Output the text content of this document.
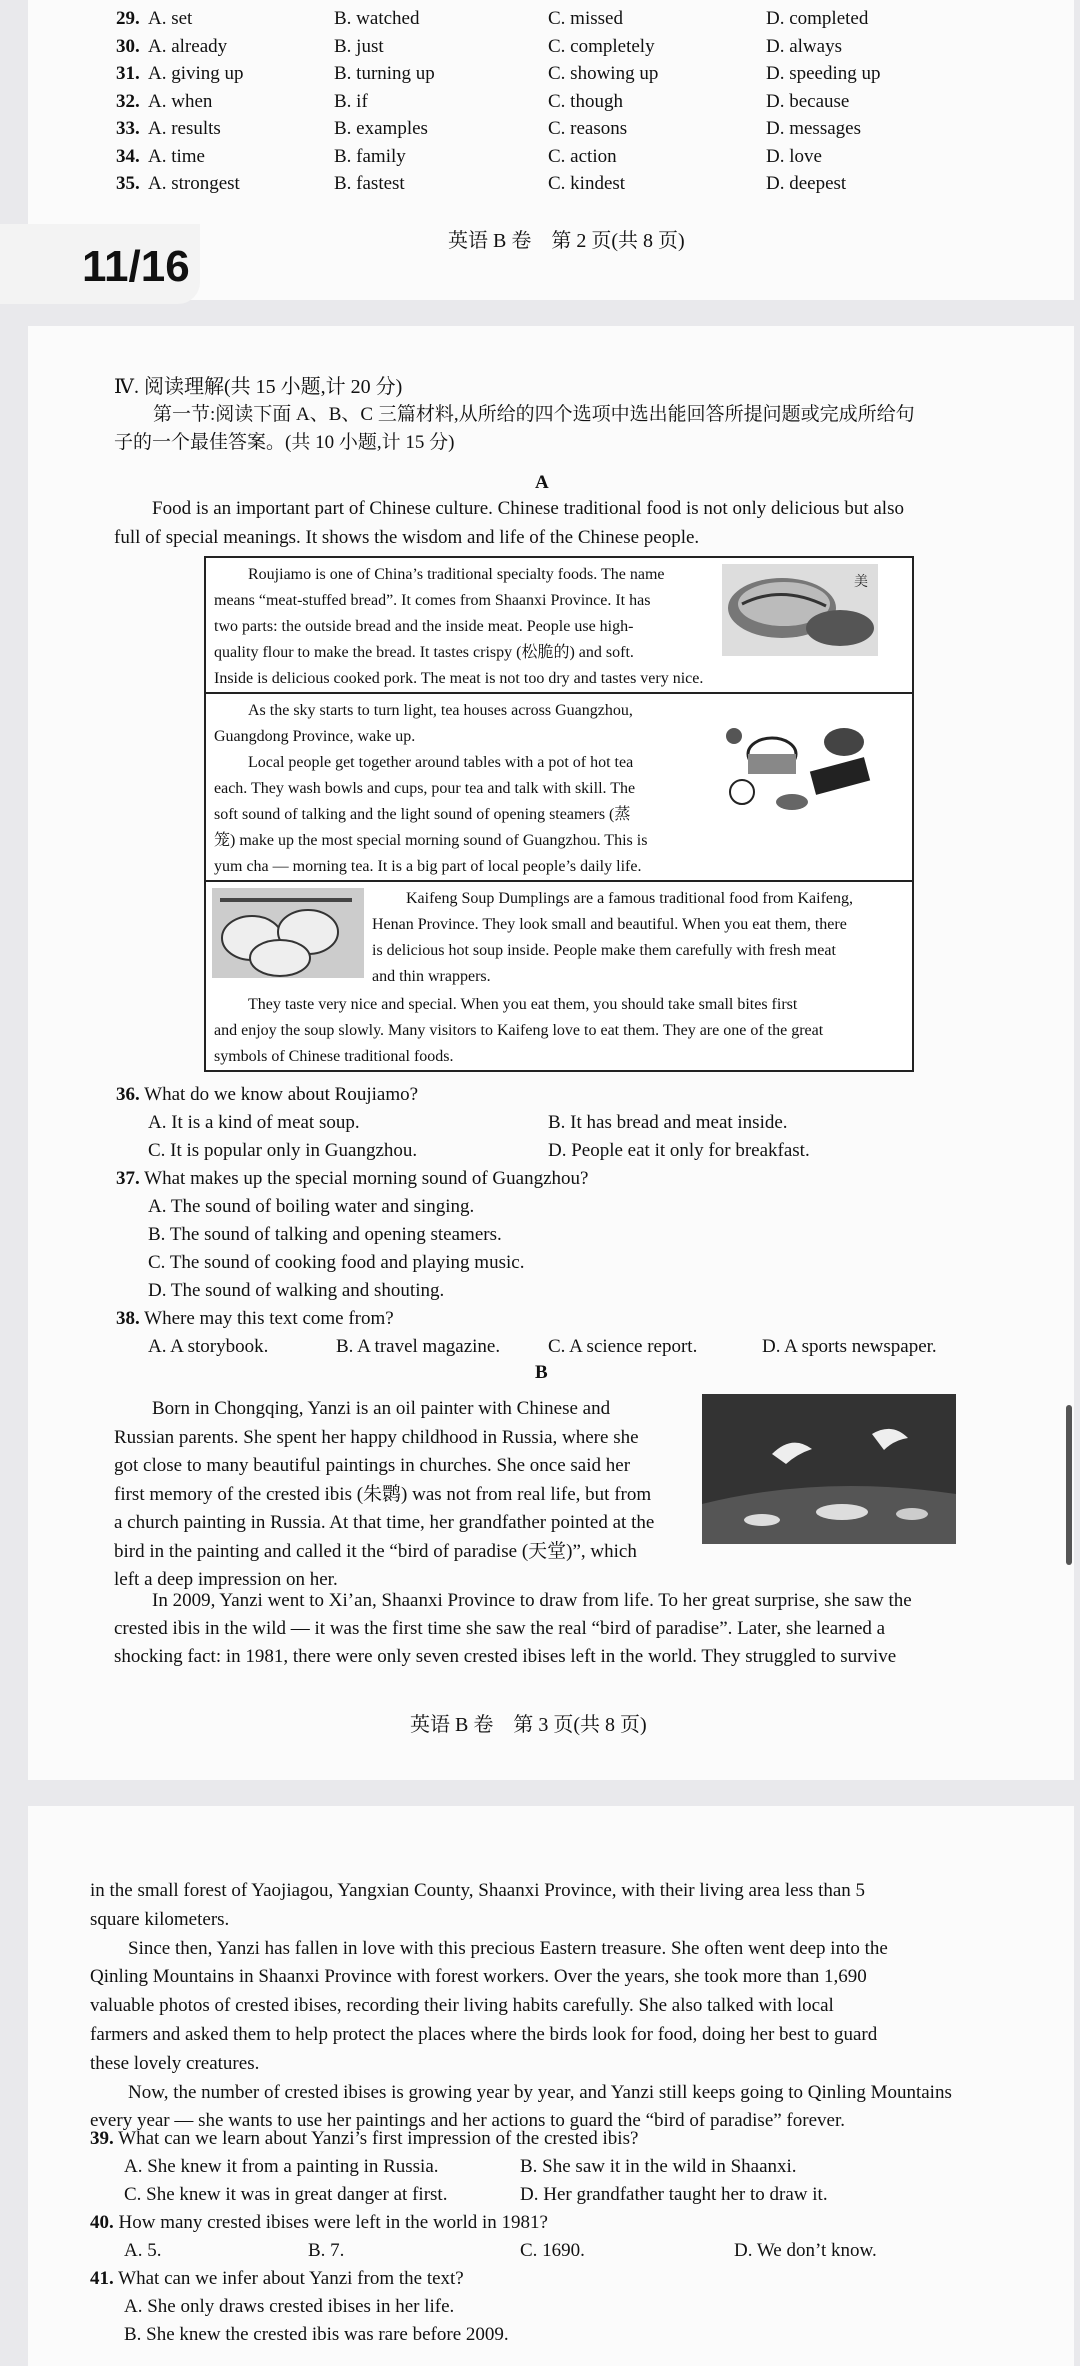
29. A. set	B. watched	C. missed	D. completed
30. A. already	B. just	C. completely	D. always
31. A. giving up	B. turning up	C. showing up	D. speeding up
32. A. when	B. if	C. though	D. because
33. A. results	B. examples	C. reasons	D. messages
34. A. time	B. family	C. action	D. love
35. A. strongest	B. fastest	C. kindest	D. deepest
英语 B 卷　第 2 页(共 8 页)
11/16
Ⅳ. 阅读理解(共 15 小题,计 20 分)
第一节:阅读下面 A、B、C 三篇材料,从所给的四个选项中选出能回答所提问题或完成所给句
子的一个最佳答案。(共 10 小题,计 15 分)
A
Food is an important part of Chinese culture. Chinese traditional food is not only delicious but also
full of special meanings. It shows the wisdom and life of the Chinese people.
Roujiamo is one of China’s traditional specialty foods. The name
means “meat-stuffed bread”. It comes from Shaanxi Province. It has
two parts: the outside bread and the inside meat. People use high-
quality flour to make the bread. It tastes crispy (松脆的) and soft.
Inside is delicious cooked pork. The meat is not too dry and tastes very nice.
美
As the sky starts to turn light, tea houses across Guangzhou,
Guangdong Province, wake up.
Local people get together around tables with a pot of hot tea
each. They wash bowls and cups, pour tea and talk with skill. The
soft sound of talking and the light sound of opening steamers (蒸
笼) make up the most special morning sound of Guangzhou. This is
yum cha — morning tea. It is a big part of local people’s daily life.
Kaifeng Soup Dumplings are a famous traditional food from Kaifeng,
Henan Province. They look small and beautiful. When you eat them, there
is delicious hot soup inside. People make them carefully with fresh meat
and thin wrappers.
They taste very nice and special. When you eat them, you should take small bites first
and enjoy the soup slowly. Many visitors to Kaifeng love to eat them. They are one of the great
symbols of Chinese traditional foods.
36. What do we know about Roujiamo?
A. It is a kind of meat soup.	B. It has bread and meat inside.
C. It is popular only in Guangzhou.	D. People eat it only for breakfast.
37. What makes up the special morning sound of Guangzhou?
A. The sound of boiling water and singing.
B. The sound of talking and opening steamers.
C. The sound of cooking food and playing music.
D. The sound of walking and shouting.
38. Where may this text come from?
A. A storybook.	B. A travel magazine.	C. A science report.	D. A sports newspaper.
B
Born in Chongqing, Yanzi is an oil painter with Chinese and
Russian parents. She spent her happy childhood in Russia, where she
got close to many beautiful paintings in churches. She once said her
first memory of the crested ibis (朱鹮) was not from real life, but from
a church painting in Russia. At that time, her grandfather pointed at the
bird in the painting and called it the “bird of paradise (天堂)”, which
left a deep impression on her.
In 2009, Yanzi went to Xi’an, Shaanxi Province to draw from life. To her great surprise, she saw the
crested ibis in the wild — it was the first time she saw the real “bird of paradise”. Later, she learned a
shocking fact: in 1981, there were only seven crested ibises left in the world. They struggled to survive
英语 B 卷　第 3 页(共 8 页)
in the small forest of Yaojiagou, Yangxian County, Shaanxi Province, with their living area less than 5
square kilometers.
Since then, Yanzi has fallen in love with this precious Eastern treasure. She often went deep into the
Qinling Mountains in Shaanxi Province with forest workers. Over the years, she took more than 1,690
valuable photos of crested ibises, recording their living habits carefully. She also talked with local
farmers and asked them to help protect the places where the birds look for food, doing her best to guard
these lovely creatures.
Now, the number of crested ibises is growing year by year, and Yanzi still keeps going to Qinling Mountains
every year — she wants to use her paintings and her actions to guard the “bird of paradise” forever.
39. What can we learn about Yanzi’s first impression of the crested ibis?
A. She knew it from a painting in Russia.	B. She saw it in the wild in Shaanxi.
C. She knew it was in great danger at first.	D. Her grandfather taught her to draw it.
40. How many crested ibises were left in the world in 1981?
A. 5.	B. 7.	C. 1690.	D. We don’t know.
41. What can we infer about Yanzi from the text?
A. She only draws crested ibises in her life.
B. She knew the crested ibis was rare before 2009.
